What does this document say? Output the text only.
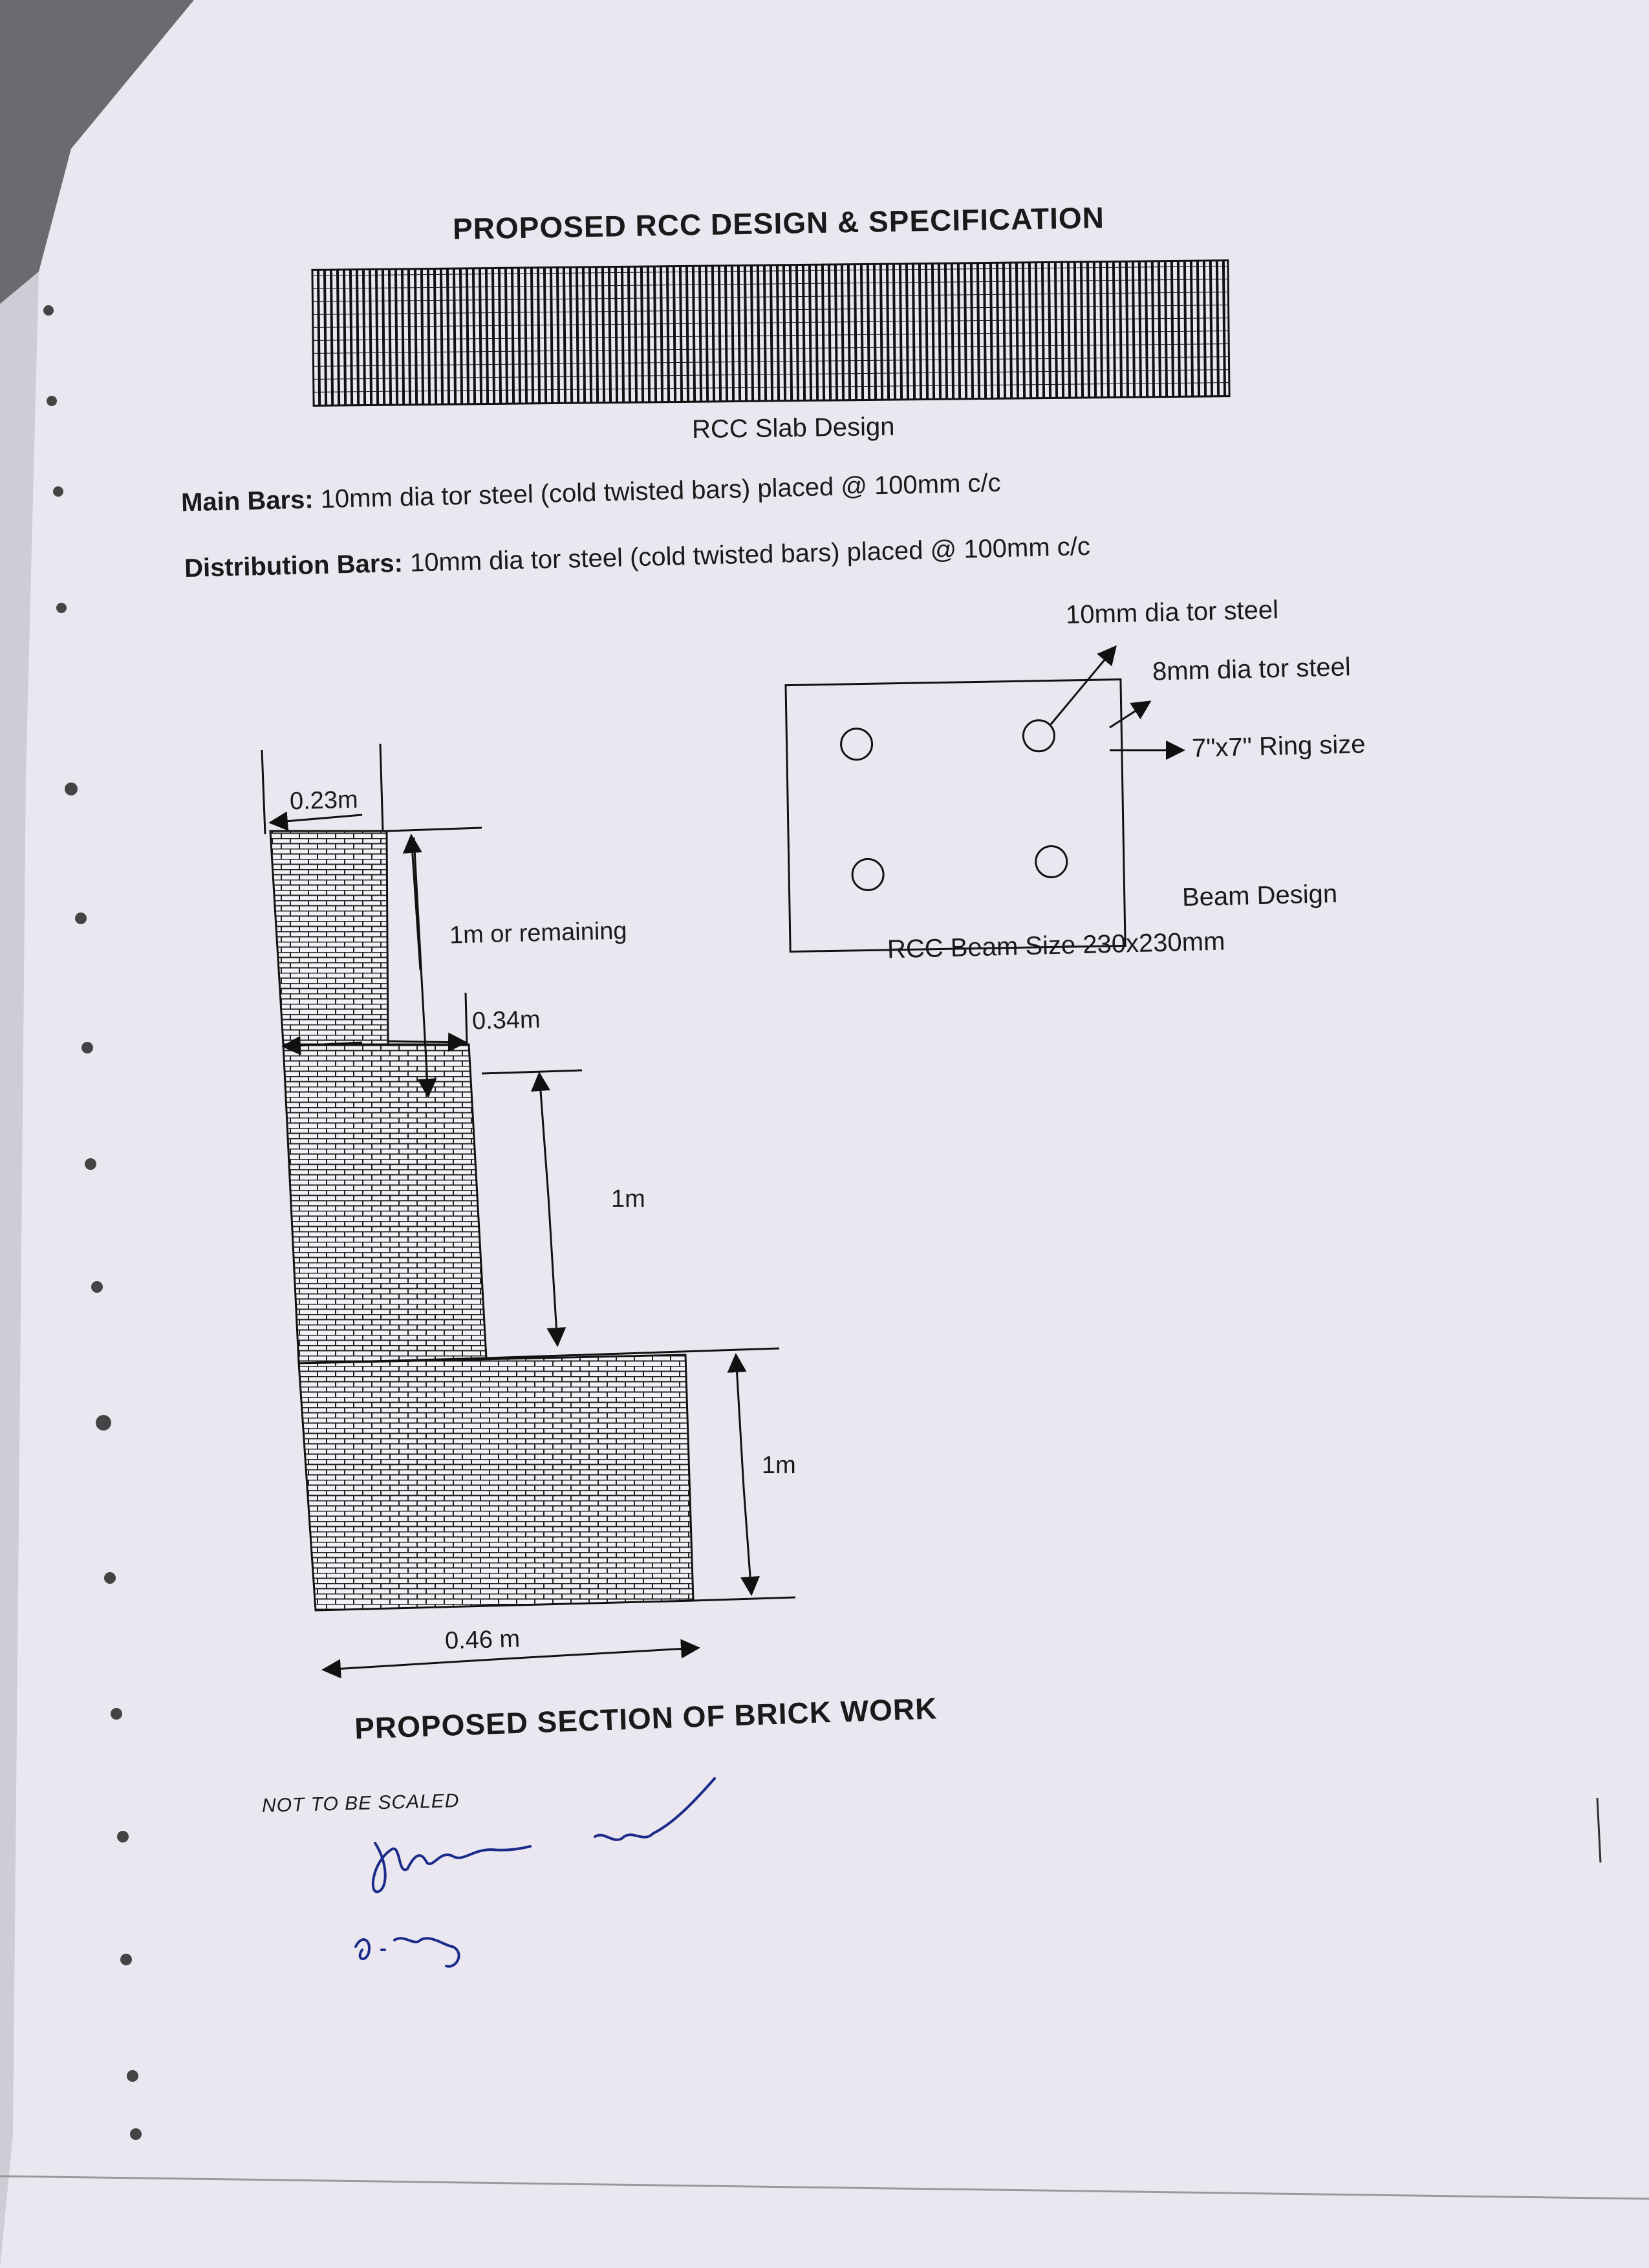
PROPOSED RCC DESIGN & SPECIFICATION
RCC Slab Design
Main Bars: 10mm dia tor steel (cold twisted bars) placed @ 100mm c/c
Distribution Bars: 10mm dia tor steel (cold twisted bars) placed @ 100mm c/c
10mm dia tor steel
8mm dia tor steel
7"x7" Ring size
Beam Design
RCC Beam Size 230x230mm
0.23m
1m or remaining
0.34m
1m
1m
0.46 m
PROPOSED SECTION OF BRICK WORK
NOT TO BE SCALED
